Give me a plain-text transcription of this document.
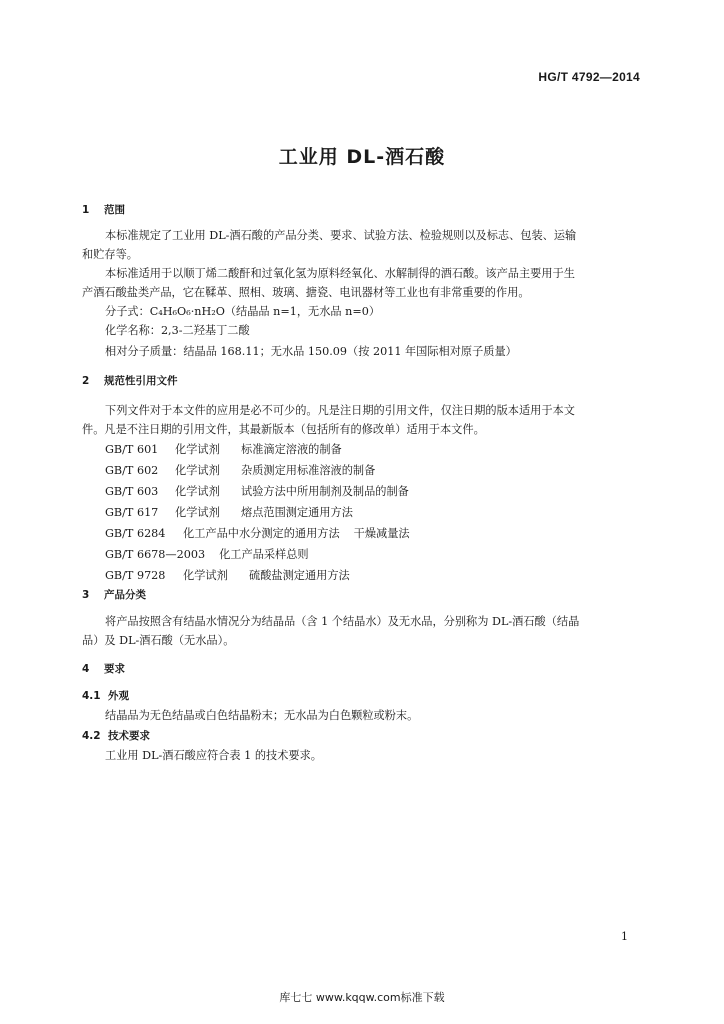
HG/T 4792—2014
工业用 DL-酒石酸
1 范围
本标准规定了工业用 DL-酒石酸的产品分类、要求、试验方法、检验规则以及标志、包装、运输
和贮存等。
本标准适用于以顺丁烯二酸酐和过氧化氢为原料经氧化、水解制得的酒石酸。该产品主要用于生
产酒石酸盐类产品，它在鞣革、照相、玻璃、搪瓷、电讯器材等工业也有非常重要的作用。
分子式：C₄H₆O₆·nH₂O（结晶品 n=1，无水品 n=0）
化学名称：2,3-二羟基丁二酸
相对分子质量：结晶品 168.11；无水品 150.09（按 2011 年国际相对原子质量）
2 规范性引用文件
下列文件对于本文件的应用是必不可少的。凡是注日期的引用文件，仅注日期的版本适用于本文
件。凡是不注日期的引用文件，其最新版本（包括所有的修改单）适用于本文件。
GB/T 601 化学试剂 标准滴定溶液的制备
GB/T 602 化学试剂 杂质测定用标准溶液的制备
GB/T 603 化学试剂 试验方法中所用制剂及制品的制备
GB/T 617 化学试剂 熔点范围测定通用方法
GB/T 6284 化工产品中水分测定的通用方法 干燥减量法
GB/T 6678—2003 化工产品采样总则
GB/T 9728 化学试剂 硫酸盐测定通用方法
3 产品分类
将产品按照含有结晶水情况分为结晶品（含 1 个结晶水）及无水品，分别称为 DL-酒石酸（结晶
品）及 DL-酒石酸（无水品）。
4 要求
4.1 外观
结晶品为无色结晶或白色结晶粉末；无水品为白色颗粒或粉末。
4.2 技术要求
工业用 DL-酒石酸应符合表 1 的技术要求。
1
库七七 www.kqqw.com标准下载
